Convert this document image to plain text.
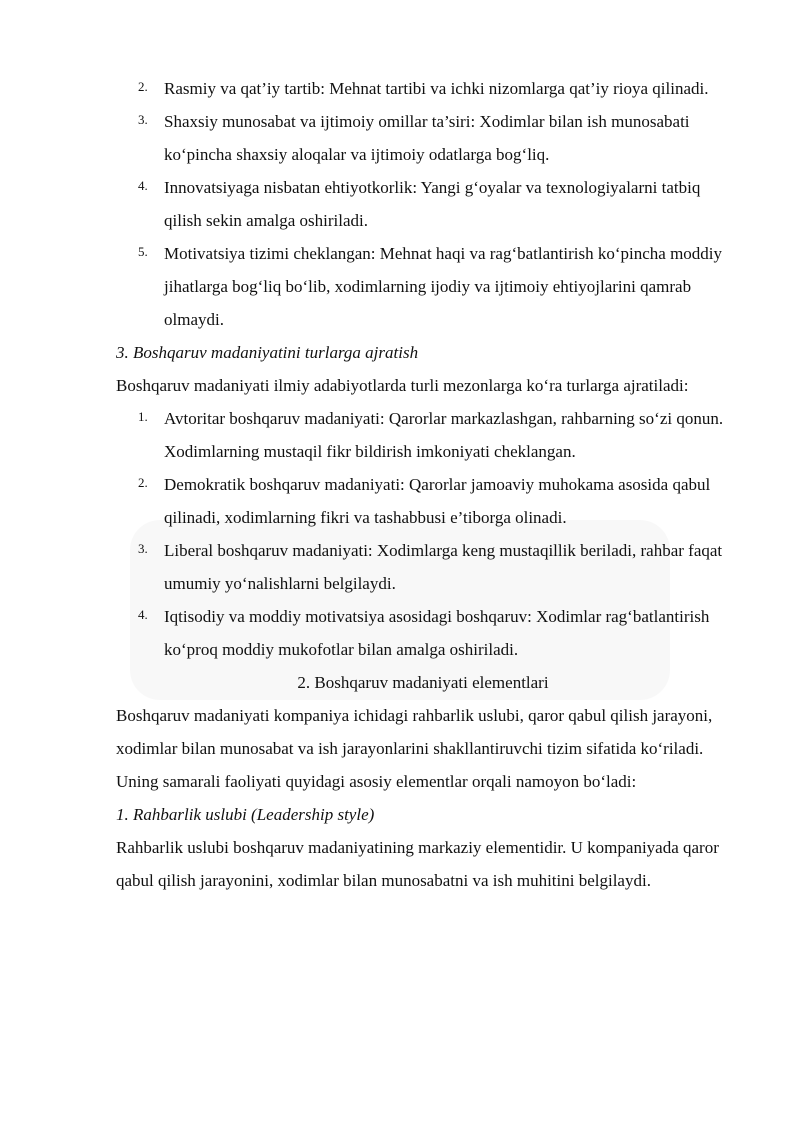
2. Rasmiy va qat’iy tartib: Mehnat tartibi va ichki nizomlarga qat’iy rioya qilinadi.
3. Shaxsiy munosabat va ijtimoiy omillar ta’siri: Xodimlar bilan ish munosabati ko‘pincha shaxsiy aloqalar va ijtimoiy odatlarga bog‘liq.
4. Innovatsiyaga nisbatan ehtiyotkorlik: Yangi g‘oyalar va texnologiyalarni tatbiq qilish sekin amalga oshiriladi.
5. Motivatsiya tizimi cheklangan: Mehnat haqi va rag‘batlantirish ko‘pincha moddiy jihatlarga bog‘liq bo‘lib, xodimlarning ijodiy va ijtimoiy ehtiyojlarini qamrab olmaydi.

3. Boshqaruv madaniyatini turlarga ajratish

Boshqaruv madaniyati ilmiy adabiyotlarda turli mezonlarga ko‘ra turlarga ajratiladi:

1. Avtoritar boshqaruv madaniyati: Qarorlar markazlashgan, rahbarning so‘zi qonun. Xodimlarning mustaqil fikr bildirish imkoniyati cheklangan.
2. Demokratik boshqaruv madaniyati: Qarorlar jamoaviy muhokama asosida qabul qilinadi, xodimlarning fikri va tashabbusi e’tiborga olinadi.
3. Liberal boshqaruv madaniyati: Xodimlarga keng mustaqillik beriladi, rahbar faqat umumiy yo‘nalishlarni belgilaydi.
4. Iqtisodiy va moddiy motivatsiya asosidagi boshqaruv: Xodimlar rag‘batlantirish ko‘proq moddiy mukofotlar bilan amalga oshiriladi.

2. Boshqaruv madaniyati elementlari

Boshqaruv madaniyati kompaniya ichidagi rahbarlik uslubi, qaror qabul qilish jarayoni, xodimlar bilan munosabat va ish jarayonlarini shakllantiruvchi tizim sifatida ko‘riladi. Uning samarali faoliyati quyidagi asosiy elementlar orqali namoyon bo‘ladi:

1. Rahbarlik uslubi (Leadership style)

Rahbarlik uslubi boshqaruv madaniyatining markaziy elementidir. U kompaniyada qaror qabul qilish jarayonini, xodimlar bilan munosabatni va ish muhitini belgilaydi.
